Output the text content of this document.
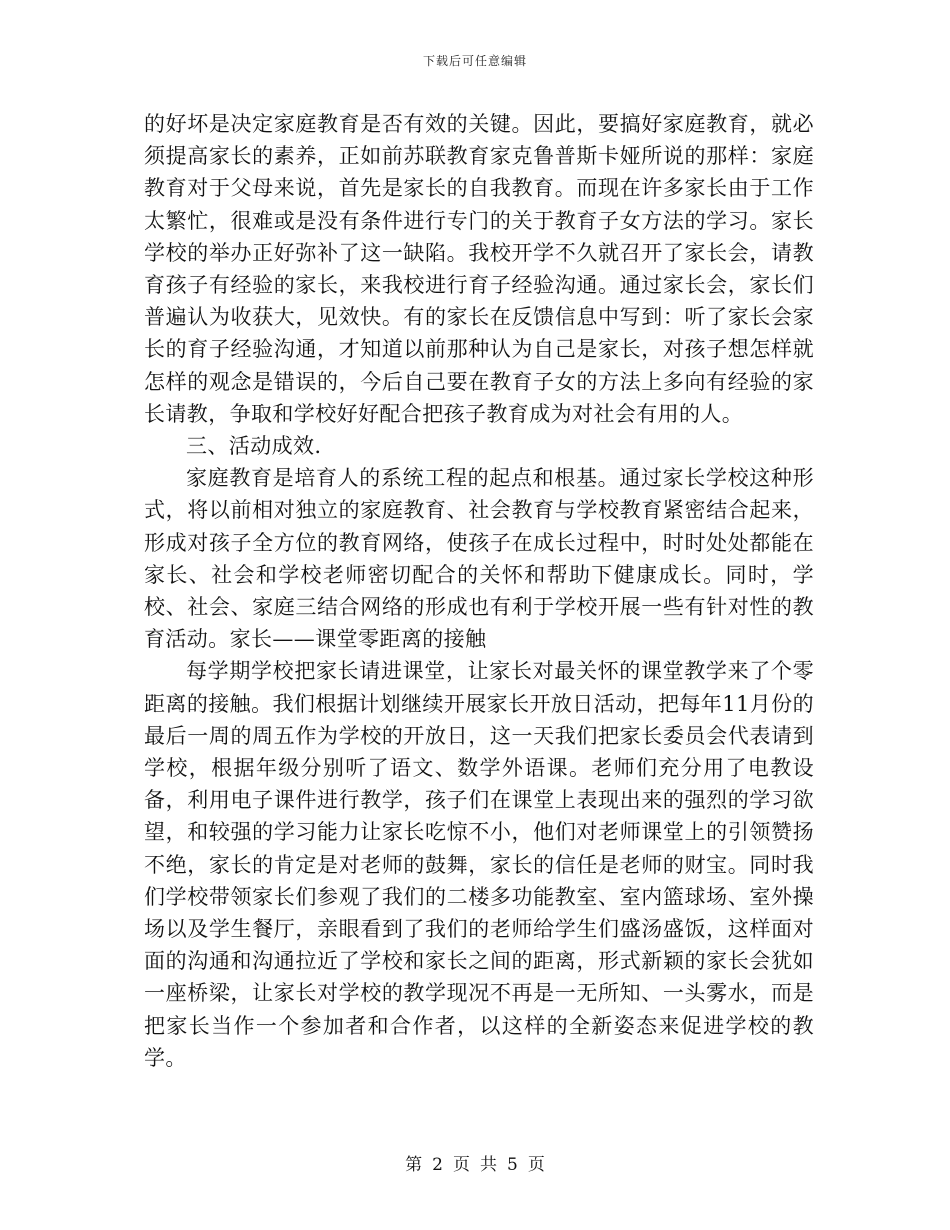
下载后可任意编辑

的好坏是决定家庭教育是否有效的关键。因此，要搞好家庭教育，就必须提高家长的素养，正如前苏联教育家克鲁普斯卡娅所说的那样：家庭教育对于父母来说，首先是家长的自我教育。而现在许多家长由于工作太繁忙，很难或是没有条件进行专门的关于教育子女方法的学习。家长学校的举办正好弥补了这一缺陷。我校开学不久就召开了家长会，请教育孩子有经验的家长，来我校进行育子经验沟通。通过家长会，家长们普遍认为收获大，见效快。有的家长在反馈信息中写到：听了家长会家长的育子经验沟通，才知道以前那种认为自己是家长，对孩子想怎样就怎样的观念是错误的，今后自己要在教育子女的方法上多向有经验的家长请教，争取和学校好好配合把孩子教育成为对社会有用的人。

三、活动成效.

家庭教育是培育人的系统工程的起点和根基。通过家长学校这种形式，将以前相对独立的家庭教育、社会教育与学校教育紧密结合起来，形成对孩子全方位的教育网络，使孩子在成长过程中，时时处处都能在家长、社会和学校老师密切配合的关怀和帮助下健康成长。同时，学校、社会、家庭三结合网络的形成也有利于学校开展一些有针对性的教育活动。家长——课堂零距离的接触

每学期学校把家长请进课堂，让家长对最关怀的课堂教学来了个零距离的接触。我们根据计划继续开展家长开放日活动，把每年11月份的最后一周的周五作为学校的开放日，这一天我们把家长委员会代表请到学校，根据年级分别听了语文、数学外语课。老师们充分用了电教设备，利用电子课件进行教学，孩子们在课堂上表现出来的强烈的学习欲望，和较强的学习能力让家长吃惊不小，他们对老师课堂上的引领赞扬不绝，家长的肯定是对老师的鼓舞，家长的信任是老师的财宝。同时我们学校带领家长们参观了我们的二楼多功能教室、室内篮球场、室外操场以及学生餐厅，亲眼看到了我们的老师给学生们盛汤盛饭，这样面对面的沟通和沟通拉近了学校和家长之间的距离，形式新颖的家长会犹如一座桥梁，让家长对学校的教学现况不再是一无所知、一头雾水，而是把家长当作一个参加者和合作者，以这样的全新姿态来促进学校的教学。

第 2 页 共 5 页
